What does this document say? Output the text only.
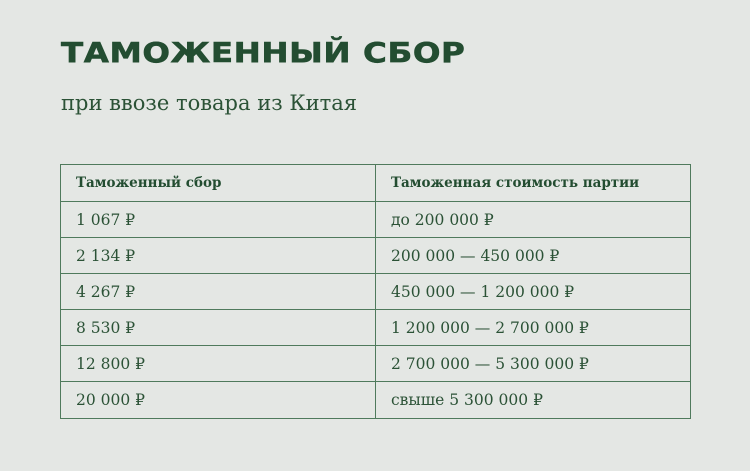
ТАМОЖЕННЫЙ СБОР

при ввозе товара из Китая

Таможенный сбор	Таможенная стоимость партии
1 067 ₽	до 200 000 ₽
2 134 ₽	200 000 — 450 000 ₽
4 267 ₽	450 000 — 1 200 000 ₽
8 530 ₽	1 200 000 — 2 700 000 ₽
12 800 ₽	2 700 000 — 5 300 000 ₽
20 000 ₽	свыше 5 300 000 ₽
